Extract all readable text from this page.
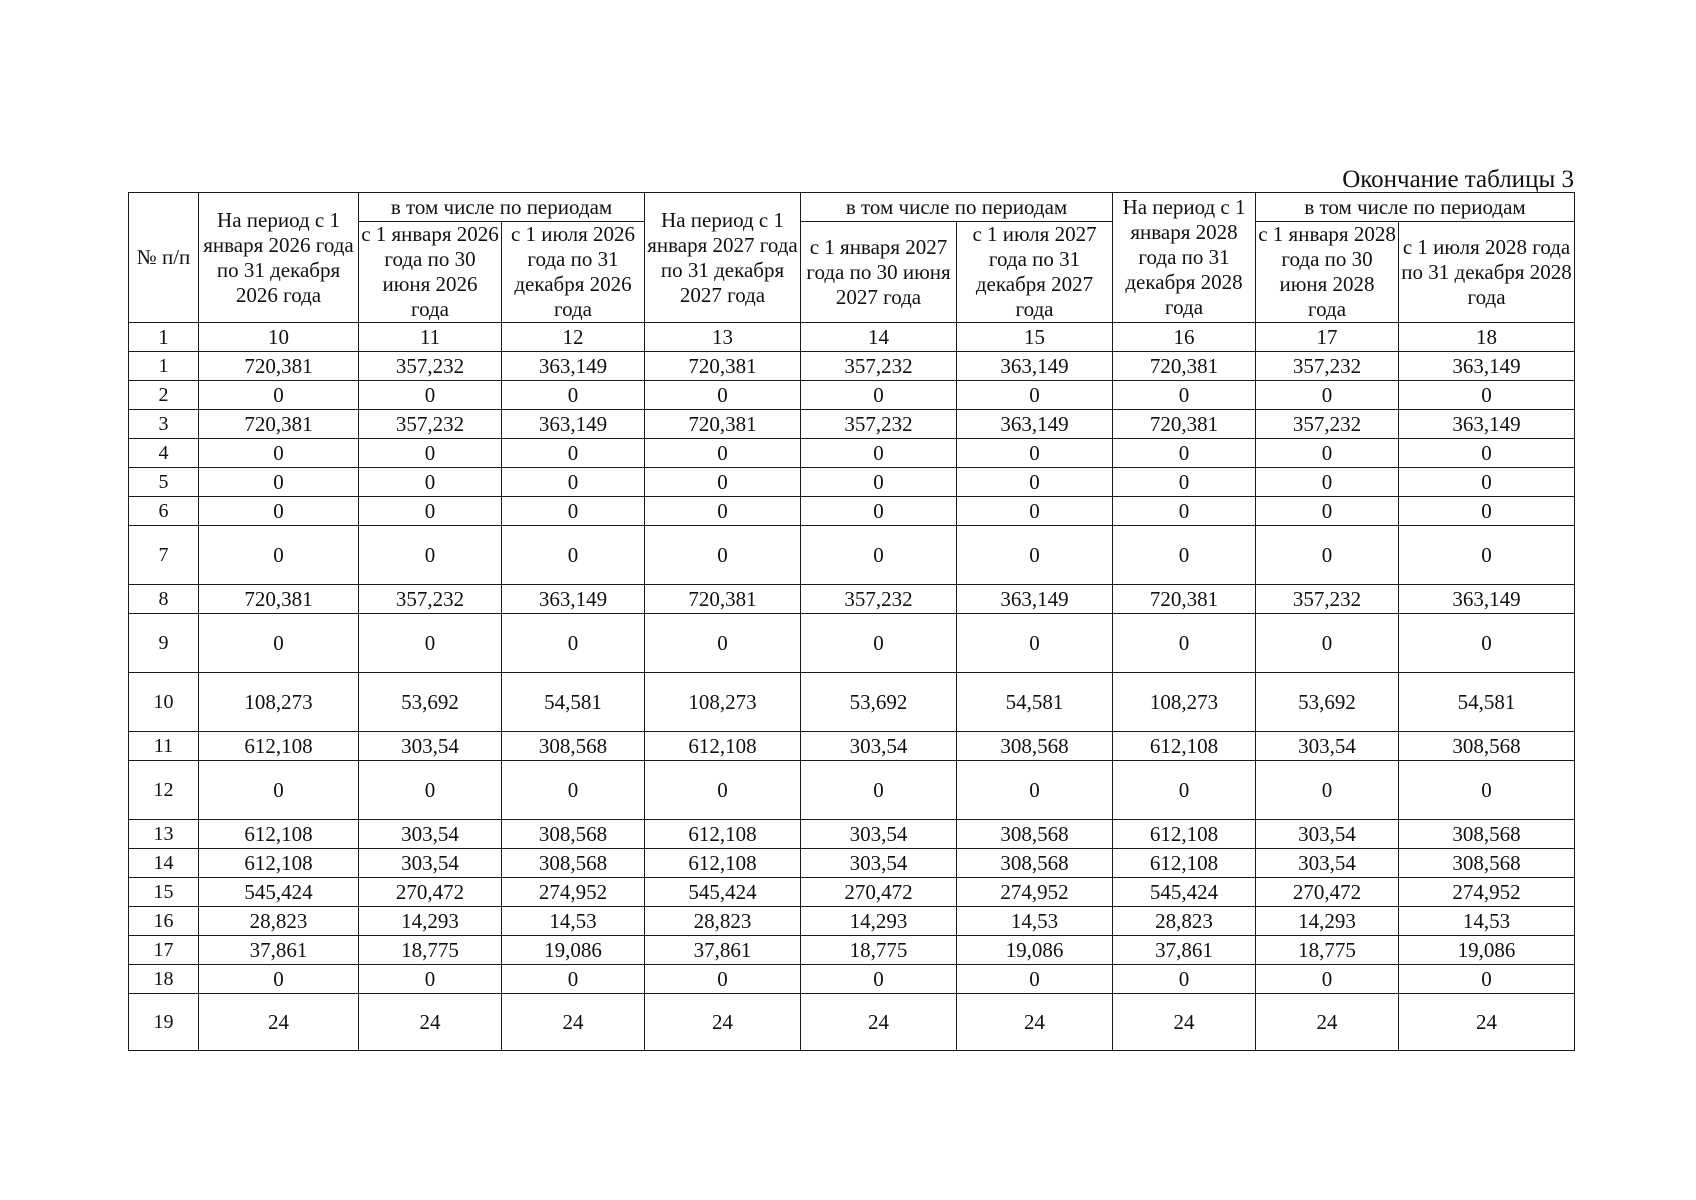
Окончание таблицы 3
№ п/п	На период с 1 января 2026 года по 31 декабря 2026 года	в том числе по периодам		На период с 1 января 2027 года по 31 декабря 2027 года	в том числе по периодам		На период с 1 января 2028 года по 31 декабря 2028 года	в том числе по периодам	
		с 1 января 2026 года по 30 июня 2026 года	с 1 июля 2026 года по 31 декабря 2026 года		с 1 января 2027 года по 30 июня 2027 года	с 1 июля 2027 года по 31 декабря 2027 года		с 1 января 2028 года по 30 июня 2028 года	с 1 июля 2028 года по 31 декабря 2028 года
1	10	11	12	13	14	15	16	17	18
1	720,381	357,232	363,149	720,381	357,232	363,149	720,381	357,232	363,149
2	0	0	0	0	0	0	0	0	0
3	720,381	357,232	363,149	720,381	357,232	363,149	720,381	357,232	363,149
4	0	0	0	0	0	0	0	0	0
5	0	0	0	0	0	0	0	0	0
6	0	0	0	0	0	0	0	0	0
7	0	0	0	0	0	0	0	0	0
8	720,381	357,232	363,149	720,381	357,232	363,149	720,381	357,232	363,149
9	0	0	0	0	0	0	0	0	0
10	108,273	53,692	54,581	108,273	53,692	54,581	108,273	53,692	54,581
11	612,108	303,54	308,568	612,108	303,54	308,568	612,108	303,54	308,568
12	0	0	0	0	0	0	0	0	0
13	612,108	303,54	308,568	612,108	303,54	308,568	612,108	303,54	308,568
14	612,108	303,54	308,568	612,108	303,54	308,568	612,108	303,54	308,568
15	545,424	270,472	274,952	545,424	270,472	274,952	545,424	270,472	274,952
16	28,823	14,293	14,53	28,823	14,293	14,53	28,823	14,293	14,53
17	37,861	18,775	19,086	37,861	18,775	19,086	37,861	18,775	19,086
18	0	0	0	0	0	0	0	0	0
19	24	24	24	24	24	24	24	24	24
